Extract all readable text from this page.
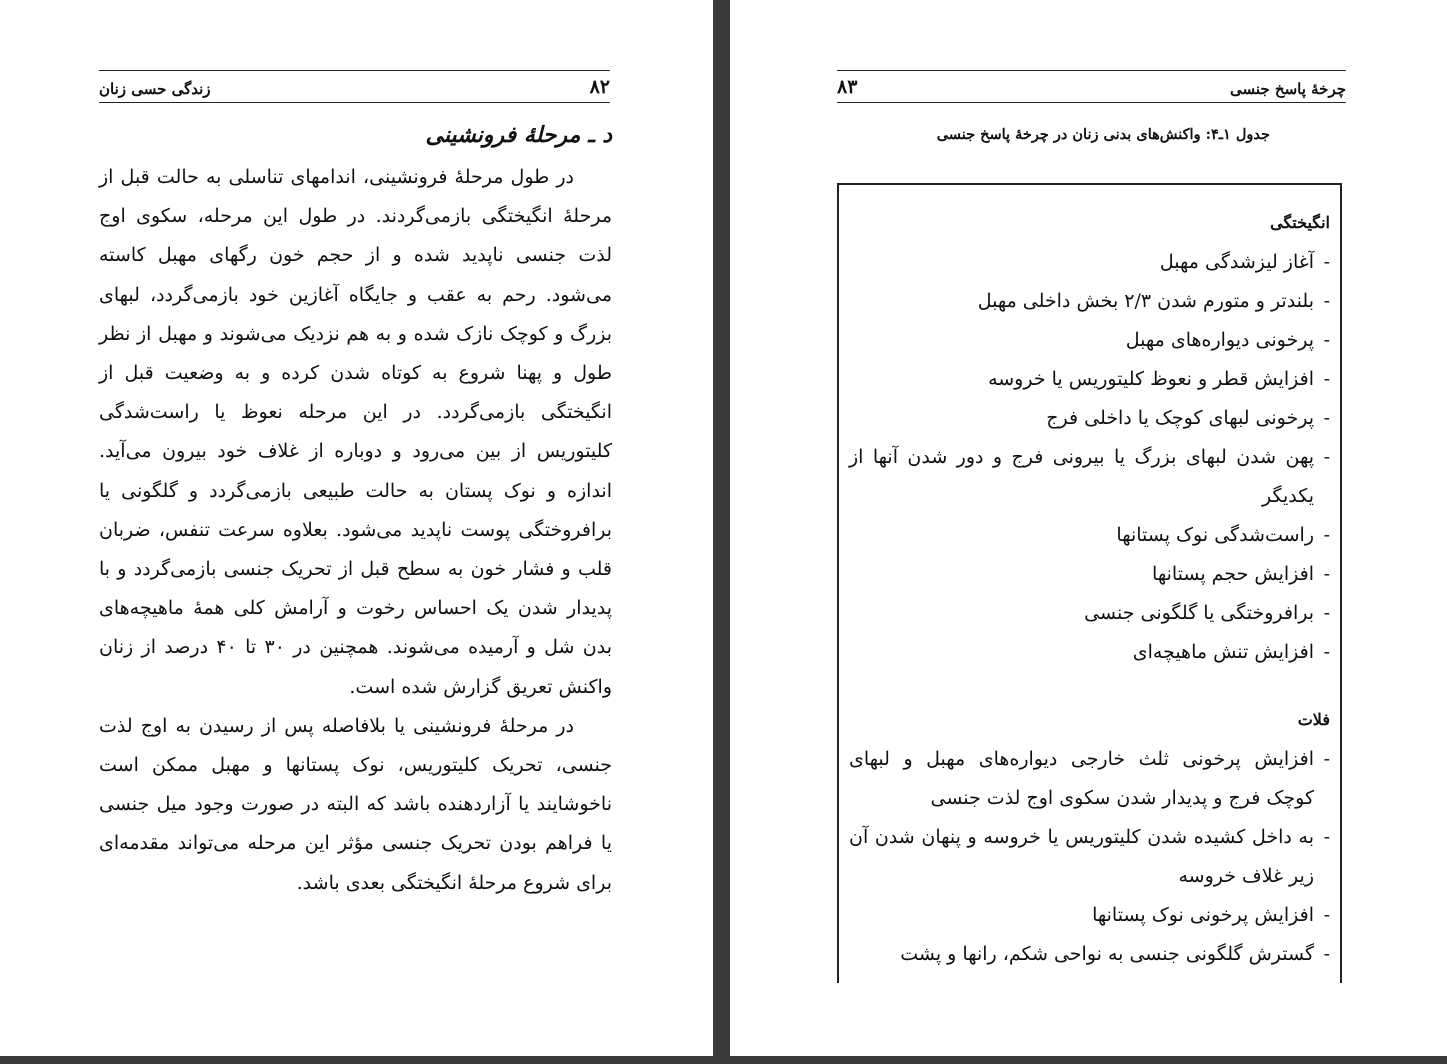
۸۲
زندگی حسی زنان
د ـ مرحلهٔ فرونشینی

در طول مرحلهٔ فرونشینی، اندامهای تناسلی به حالت قبل از مرحلهٔ انگیختگی بازمی‌گردند. در طول این مرحله، سکوی اوج لذت جنسی ناپدید شده و از حجم خون رگهای مهبل کاسته می‌شود. رحم به عقب و جایگاه آغازین خود بازمی‌گردد، لبهای بزرگ و کوچک نازک شده و به هم نزدیک می‌شوند و مهبل از نظر طول و پهنا شروع به کوتاه شدن کرده و به وضعیت قبل از انگیختگی بازمی‌گردد. در این مرحله نعوظ یا راست‌شدگی کلیتوریس از بین می‌رود و دوباره از غلاف خود بیرون می‌آید. اندازه و نوک پستان به حالت طبیعی بازمی‌گردد و گلگونی یا برافروختگی پوست ناپدید می‌شود. بعلاوه سرعت تنفس، ضربان قلب و فشار خون به سطح قبل از تحریک جنسی بازمی‌گردد و با پدیدار شدن یک احساس رخوت و آرامش کلی همهٔ ماهیچه‌های بدن شل و آرمیده می‌شوند. همچنین در ۳۰ تا ۴۰ درصد از زنان واکنش تعریق گزارش شده است.

در مرحلهٔ فرونشینی یا بلافاصله پس از رسیدن به اوج لذت جنسی، تحریک کلیتوریس، نوک پستانها و مهبل ممکن است ناخوشایند یا آزاردهنده باشد که البته در صورت وجود میل جنسی یا فراهم بودن تحریک جنسی مؤثر این مرحله می‌تواند مقدمه‌ای برای شروع مرحلهٔ انگیختگی بعدی باشد.

چرخهٔ پاسخ جنسی
۸۳
جدول ۱ـ۴: واکنش‌های بدنی زنان در چرخهٔ پاسخ جنسی
انگیختگی
- آغاز لیزشدگی مهبل
- بلندتر و متورم شدن ۲/۳ بخش داخلی مهبل
- پرخونی دیواره‌های مهبل
- افزایش قطر و نعوظ کلیتوریس یا خروسه
- پرخونی لبهای کوچک یا داخلی فرج
- پهن شدن لبهای بزرگ یا بیرونی فرج و دور شدن آنها از یکدیگر
- راست‌شدگی نوک پستانها
- افزایش حجم پستانها
- برافروختگی یا گلگونی جنسی
- افزایش تنش ماهیچه‌ای
فلات
- افزایش پرخونی ثلث خارجی دیواره‌های مهبل و لبهای کوچک فرج و پدیدار شدن سکوی اوج لذت جنسی
- به داخل کشیده شدن کلیتوریس یا خروسه و پنهان شدن آن زیر غلاف خروسه
- افزایش پرخونی نوک پستانها
- گسترش گلگونی جنسی به نواحی شکم، رانها و پشت
